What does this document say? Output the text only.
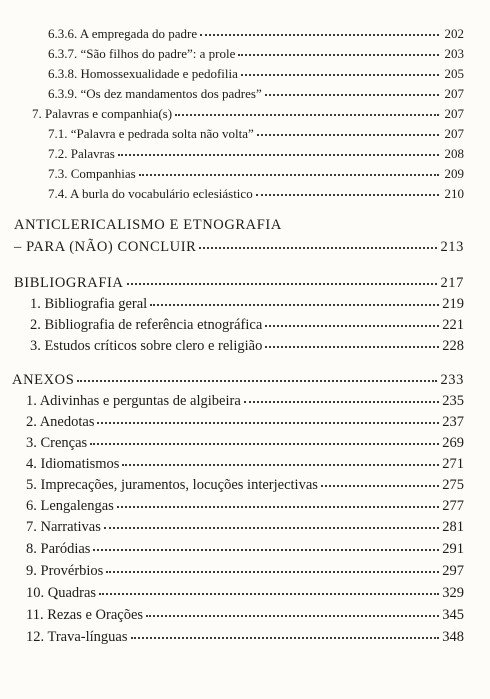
6.3.6. A empregada do padre	202
6.3.7. “São filhos do padre”: a prole	203
6.3.8. Homossexualidade e pedofilia	205
6.3.9. “Os dez mandamentos dos padres”	207
7. Palavras e companhia(s)	207
7.1. “Palavra e pedrada solta não volta”	207
7.2. Palavras	208
7.3. Companhias	209
7.4. A burla do vocabulário eclesiástico	210
ANTICLERICALISMO E ETNOGRAFIA
– PARA (NÃO) CONCLUIR	213
BIBLIOGRAFIA	217
1. Bibliografia geral	219
2. Bibliografia de referência etnográfica	221
3. Estudos críticos sobre clero e religião	228
ANEXOS	233
1. Adivinhas e perguntas de algibeira	235
2. Anedotas	237
3. Crenças	269
4. Idiomatismos	271
5. Imprecações, juramentos, locuções interjectivas	275
6. Lengalengas	277
7. Narrativas	281
8. Paródias	291
9. Provérbios	297
10. Quadras	329
11. Rezas e Orações	345
12. Trava-línguas	348
